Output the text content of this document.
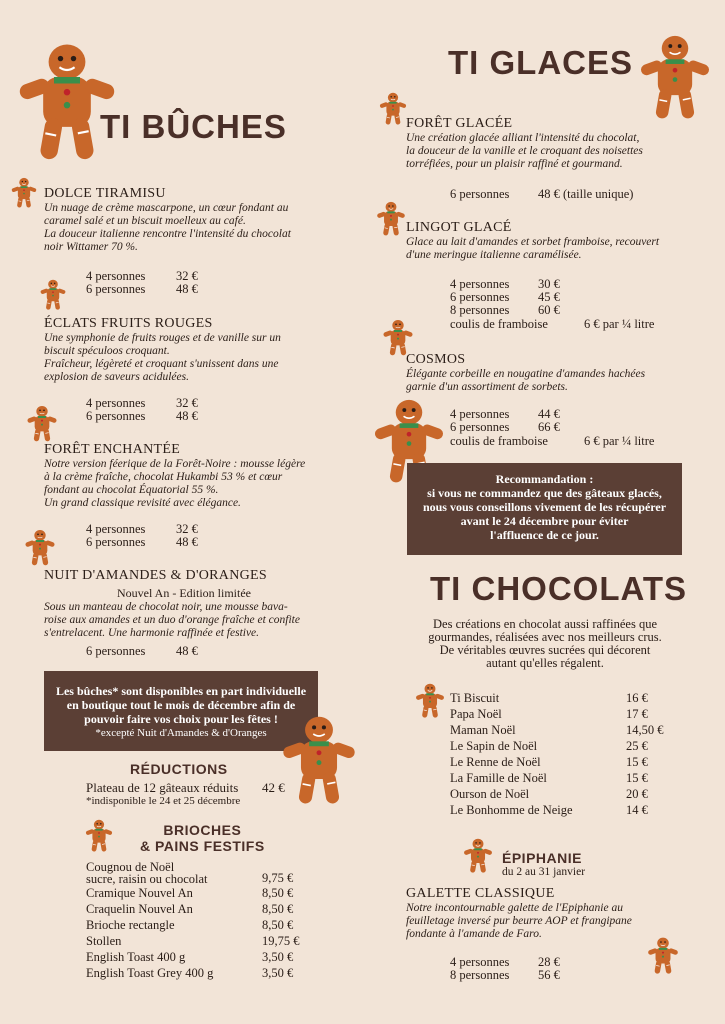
TI BÛCHES
DOLCE TIRAMISU
Un nuage de crème mascarpone, un cœur fondant au
caramel salé et un biscuit moelleux au café.
La douceur italienne rencontre l'intensité du chocolat
noir Wittamer 70 %.
4 personnes 32 €
6 personnes 48 €
ÉCLATS FRUITS ROUGES
Une symphonie de fruits rouges et de vanille sur un
biscuit spéculoos croquant.
Fraîcheur, légèreté et croquant s'unissent dans une
explosion de saveurs acidulées.
4 personnes 32 €
6 personnes 48 €
FORÊT ENCHANTÉE
Notre version féerique de la Forêt-Noire : mousse légère
à la crème fraîche, chocolat Hukambi 53 % et cœur
fondant au chocolat Équatorial 55 %.
Un grand classique revisité avec élégance.
4 personnes 32 €
6 personnes 48 €
NUIT D'AMANDES & D'ORANGES
Nouvel An - Edition limitée
Sous un manteau de chocolat noir, une mousse bava-
roise aux amandes et un duo d'orange fraîche et confite
s'entrelacent. Une harmonie raffinée et festive.
6 personnes 48 €
Les bûches* sont disponibles en part individuelle
en boutique tout le mois de décembre afin de
pouvoir faire vos choix pour les fêtes !
*excepté Nuit d'Amandes & d'Oranges
RÉDUCTIONS
Plateau de 12 gâteaux réduits 42 €
*indisponible le 24 et 25 décembre
BRIOCHES
& PAINS FESTIFS
Cougnou de Noël
sucre, raisin ou chocolat	9,75 €
Cramique Nouvel An	8,50 €
Craquelin Nouvel An	8,50 €
Brioche rectangle	8,50 €
Stollen	19,75 €
English Toast 400 g	3,50 €
English Toast Grey 400 g	3,50 €
TI GLACES
FORÊT GLACÉE
Une création glacée alliant l'intensité du chocolat,
la douceur de la vanille et le croquant des noisettes
torréfiées, pour un plaisir raffiné et gourmand.
6 personnes 48 € (taille unique)
LINGOT GLACÉ
Glace au lait d'amandes et sorbet framboise, recouvert
d'une meringue italienne caramélisée.
4 personnes 30 €
6 personnes 45 €
8 personnes 60 €
coulis de framboise	6 € par ¼ litre
COSMOS
Élégante corbeille en nougatine d'amandes hachées
garnie d'un assortiment de sorbets.
4 personnes 44 €
6 personnes 66 €
coulis de framboise	6 € par ¼ litre
Recommandation :
si vous ne commandez que des gâteaux glacés,
nous vous conseillons vivement de les récupérer
avant le 24 décembre pour éviter
l'affluence de ce jour.
TI CHOCOLATS
Des créations en chocolat aussi raffinées que
gourmandes, réalisées avec nos meilleurs crus.
De véritables œuvres sucrées qui décorent
autant qu'elles régalent.
Ti Biscuit	16 €
Papa Noël	17 €
Maman Noël	14,50 €
Le Sapin de Noël	25 €
Le Renne de Noël	15 €
La Famille de Noël	15 €
Ourson de Noël	20 €
Le Bonhomme de Neige	14 €
ÉPIPHANIE
du 2 au 31 janvier
GALETTE CLASSIQUE
Notre incontournable galette de l'Epiphanie au
feuilletage inversé pur beurre AOP et frangipane
fondante à l'amande de Faro.
4 personnes 28 €
8 personnes 56 €
